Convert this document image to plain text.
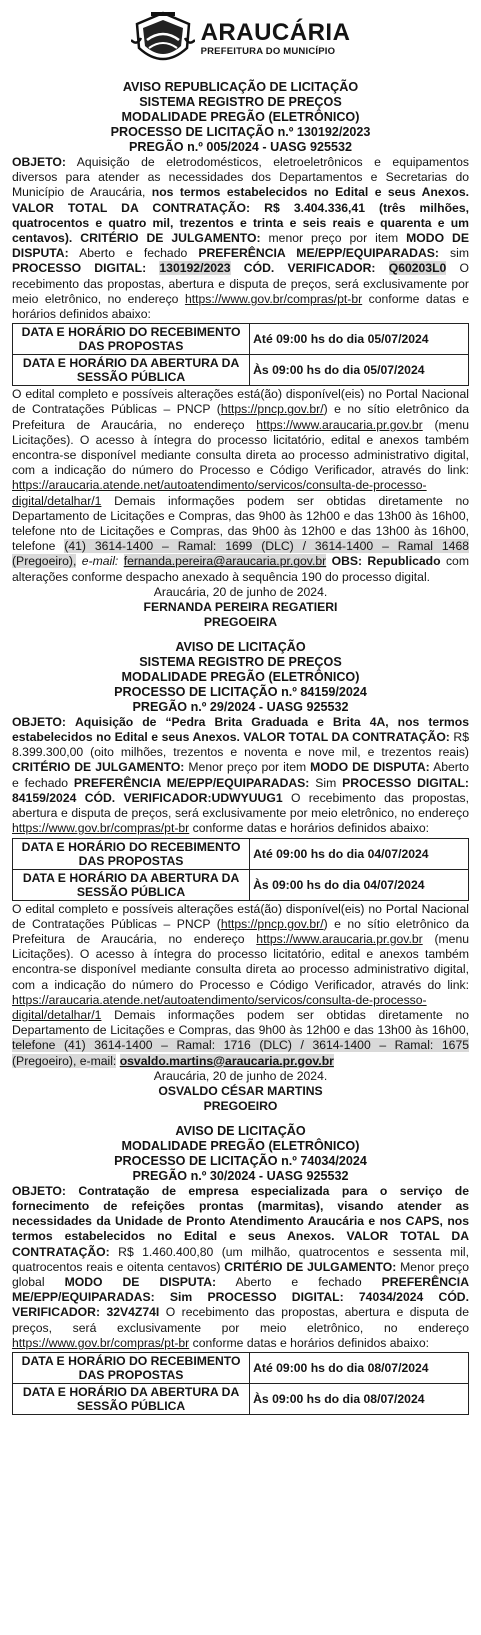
ARAUCÁRIA
PREFEITURA DO MUNICÍPIO
AVISO REPUBLICAÇÃO DE LICITAÇÃO
SISTEMA REGISTRO DE PREÇOS
MODALIDADE PREGÃO (ELETRÔNICO)
PROCESSO DE LICITAÇÃO n.º 130192/2023
PREGÃO n.º 005/2024 - UASG 925532
OBJETO: Aquisição de eletrodomésticos, eletroeletrônicos e equipamentos diversos para atender as necessidades dos Departamentos e Secretarias do Município de Araucária, nos termos estabelecidos no Edital e seus Anexos. VALOR TOTAL DA CONTRATAÇÃO: R$ 3.404.336,41 (três milhões, quatrocentos e quatro mil, trezentos e trinta e seis reais e quarenta e um centavos). CRITÉRIO DE JULGAMENTO: menor preço por item MODO DE DISPUTA: Aberto e fechado PREFERÊNCIA ME/EPP/EQUIPARADAS: sim PROCESSO DIGITAL: 130192/2023 CÓD. VERIFICADOR: Q60203L0 O recebimento das propostas, abertura e disputa de preços, será exclusivamente por meio eletrônico, no endereço https://www.gov.br/compras/pt-br conforme datas e horários definidos abaixo:
DATA E HORÁRIO DO RECEBIMENTO DAS PROPOSTAS	Até 09:00 hs do dia 05/07/2024
DATA E HORÁRIO DA ABERTURA DA SESSÃO PÚBLICA	Às 09:00 hs do dia 05/07/2024
O edital completo e possíveis alterações está(ão) disponível(eis) no Portal Nacional de Contratações Públicas – PNCP (https://pncp.gov.br/) e no sítio eletrônico da Prefeitura de Araucária, no endereço https://www.araucaria.pr.gov.br (menu Licitações). O acesso à íntegra do processo licitatório, edital e anexos também encontra-se disponível mediante consulta direta ao processo administrativo digital, com a indicação do número do Processo e Código Verificador, através do link: https://araucaria.atende.net/autoatendimento/servicos/consulta-de-processo-digital/detalhar/1 Demais informações podem ser obtidas diretamente no Departamento de Licitações e Compras, das 9h00 às 12h00 e das 13h00 às 16h00, telefone nto de Licitações e Compras, das 9h00 às 12h00 e das 13h00 às 16h00, telefone (41) 3614-1400 – Ramal: 1699 (DLC) / 3614-1400 – Ramal 1468 (Pregoeiro), e-mail: fernanda.pereira@araucaria.pr.gov.br OBS: Republicado com alterações conforme despacho anexado à sequência 190 do processo digital.
Araucária, 20 de junho de 2024.
FERNANDA PEREIRA REGATIERI
PREGOEIRA
AVISO DE LICITAÇÃO
SISTEMA REGISTRO DE PREÇOS
MODALIDADE PREGÃO (ELETRÔNICO)
PROCESSO DE LICITAÇÃO n.º 84159/2024
PREGÃO n.º 29/2024 - UASG 925532
OBJETO: Aquisição de “Pedra Brita Graduada e Brita 4A, nos termos estabelecidos no Edital e seus Anexos. VALOR TOTAL DA CONTRATAÇÃO: R$ 8.399.300,00 (oito milhões, trezentos e noventa e nove mil, e trezentos reais) CRITÉRIO DE JULGAMENTO: Menor preço por item MODO DE DISPUTA: Aberto e fechado PREFERÊNCIA ME/EPP/EQUIPARADAS: Sim PROCESSO DIGITAL: 84159/2024 CÓD. VERIFICADOR:UDWYUUG1 O recebimento das propostas, abertura e disputa de preços, será exclusivamente por meio eletrônico, no endereço https://www.gov.br/compras/pt-br conforme datas e horários definidos abaixo:
DATA E HORÁRIO DO RECEBIMENTO DAS PROPOSTAS	Até 09:00 hs do dia 04/07/2024
DATA E HORÁRIO DA ABERTURA DA SESSÃO PÚBLICA	Às 09:00 hs do dia 04/07/2024
O edital completo e possíveis alterações está(ão) disponível(eis) no Portal Nacional de Contratações Públicas – PNCP (https://pncp.gov.br/) e no sítio eletrônico da Prefeitura de Araucária, no endereço https://www.araucaria.pr.gov.br (menu Licitações). O acesso à íntegra do processo licitatório, edital e anexos também encontra-se disponível mediante consulta direta ao processo administrativo digital, com a indicação do número do Processo e Código Verificador, através do link: https://araucaria.atende.net/autoatendimento/servicos/consulta-de-processo-digital/detalhar/1 Demais informações podem ser obtidas diretamente no Departamento de Licitações e Compras, das 9h00 às 12h00 e das 13h00 às 16h00, telefone (41) 3614-1400 – Ramal: 1716 (DLC) / 3614-1400 – Ramal: 1675 (Pregoeiro), e-mail: osvaldo.martins@araucaria.pr.gov.br
Araucária, 20 de junho de 2024.
OSVALDO CÉSAR MARTINS
PREGOEIRO
AVISO DE LICITAÇÃO
MODALIDADE PREGÃO (ELETRÔNICO)
PROCESSO DE LICITAÇÃO n.º 74034/2024
PREGÃO n.º 30/2024 - UASG 925532
OBJETO: Contratação de empresa especializada para o serviço de fornecimento de refeições prontas (marmitas), visando atender as necessidades da Unidade de Pronto Atendimento Araucária e nos CAPS, nos termos estabelecidos no Edital e seus Anexos. VALOR TOTAL DA CONTRATAÇÃO: R$ 1.460.400,80 (um milhão, quatrocentos e sessenta mil, quatrocentos reais e oitenta centavos) CRITÉRIO DE JULGAMENTO: Menor preço global MODO DE DISPUTA: Aberto e fechado PREFERÊNCIA ME/EPP/EQUIPARADAS: Sim PROCESSO DIGITAL: 74034/2024 CÓD. VERIFICADOR: 32V4Z74I O recebimento das propostas, abertura e disputa de preços, será exclusivamente por meio eletrônico, no endereço https://www.gov.br/compras/pt-br conforme datas e horários definidos abaixo:
DATA E HORÁRIO DO RECEBIMENTO DAS PROPOSTAS	Até 09:00 hs do dia 08/07/2024
DATA E HORÁRIO DA ABERTURA DA SESSÃO PÚBLICA	Às 09:00 hs do dia 08/07/2024
